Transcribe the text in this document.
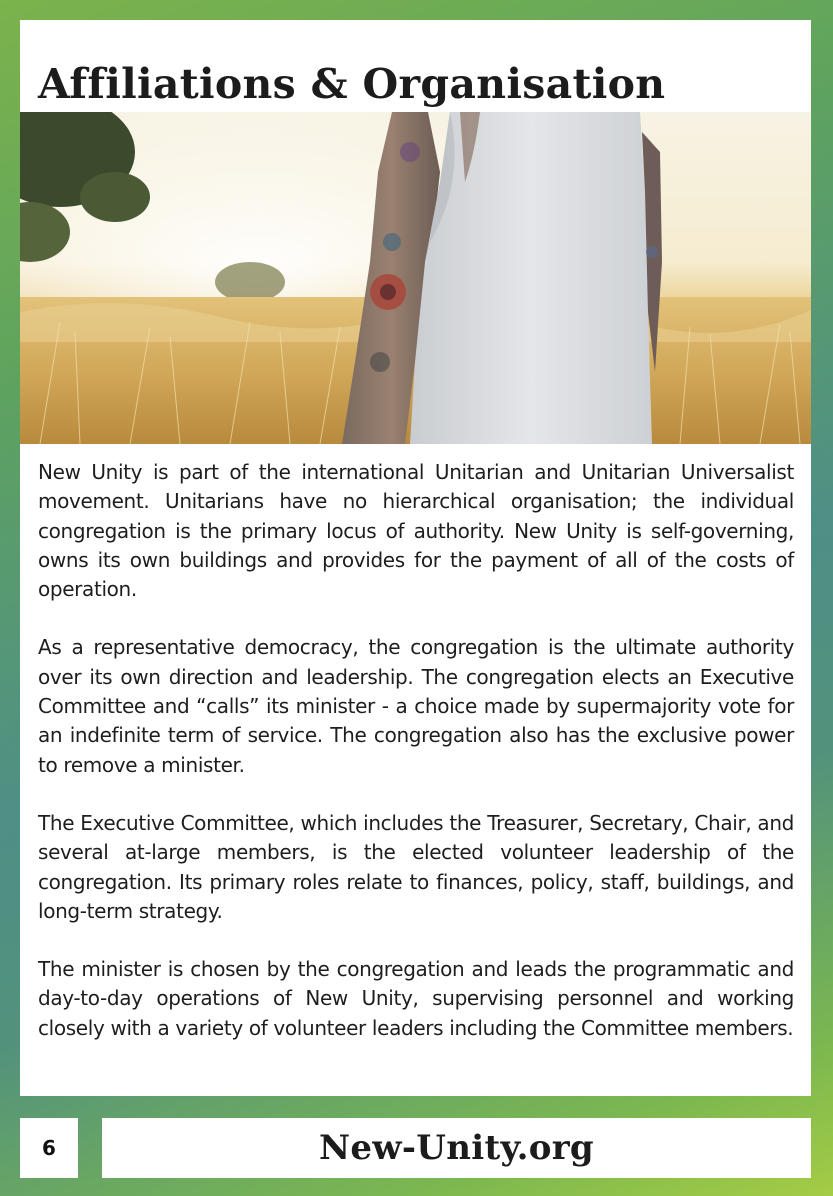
Affiliations & Organisation

New Unity is part of the international Unitarian and Unitarian Universalist movement. Unitarians have no hierarchical organisation; the individual congregation is the primary locus of authority. New Unity is self-governing, owns its own buildings and provides for the payment of all of the costs of operation.

As a representative democracy, the congregation is the ultimate authority over its own direction and leadership. The congregation elects an Executive Committee and “calls” its minister - a choice made by supermajority vote for an indefinite term of service. The congregation also has the exclusive power to remove a minister.

The Executive Committee, which includes the Treasurer, Secretary, Chair, and several at-large members, is the elected volunteer leadership of the congregation. Its primary roles relate to finances, policy, staff, buildings, and long-term strategy.

The minister is chosen by the congregation and leads the programmatic and day-to-day operations of New Unity, supervising personnel and working closely with a variety of volunteer leaders including the Committee members.

6	New-Unity.org
